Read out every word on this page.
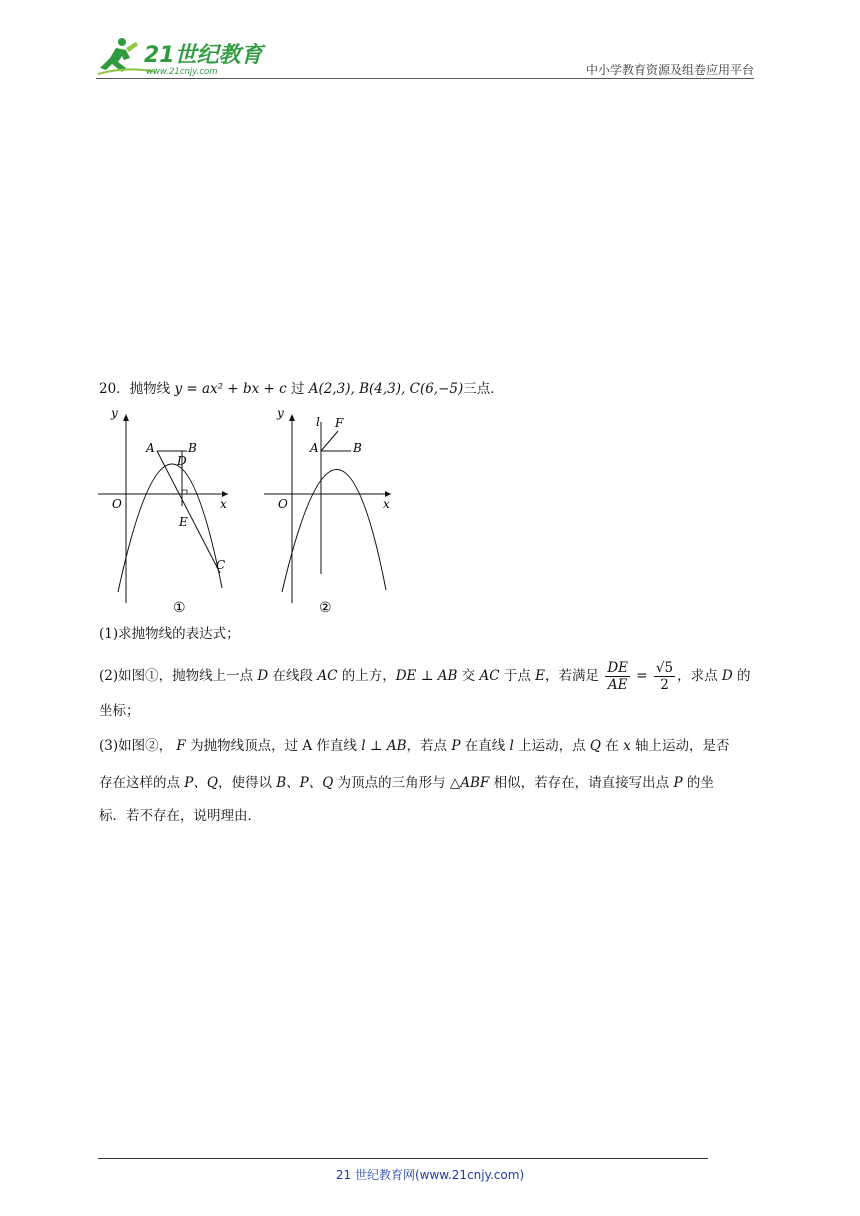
21世纪教育
www.21cnjy.com	中小学教育资源及组卷应用平台
20．抛物线 y = ax² + bx + c 过 A(2,3), B(4,3), C(6,−5)三点．
y
x
O
A	B
D
E
C
①
y
x
O
A	B
F
l
②
(1)求抛物线的表达式；
(2)如图①，抛物线上一点 D 在线段 AC 的上方，DE ⊥ AB 交 AC 于点 E，若满足 $\frac{DE}{AE} = \frac{√5}{2}$ ，求点 D 的
坐标；
(3)如图②， F 为抛物线顶点，过 A 作直线 l ⊥ AB，若点 P 在直线 l 上运动，点 Q 在 x 轴上运动，是否
存在这样的点 P、Q，使得以 B、P、Q 为顶点的三角形与 △ABF 相似，若存在，请直接写出点 P 的坐
标．若不存在，说明理由．
21 世纪教育网(www.21cnjy.com)
